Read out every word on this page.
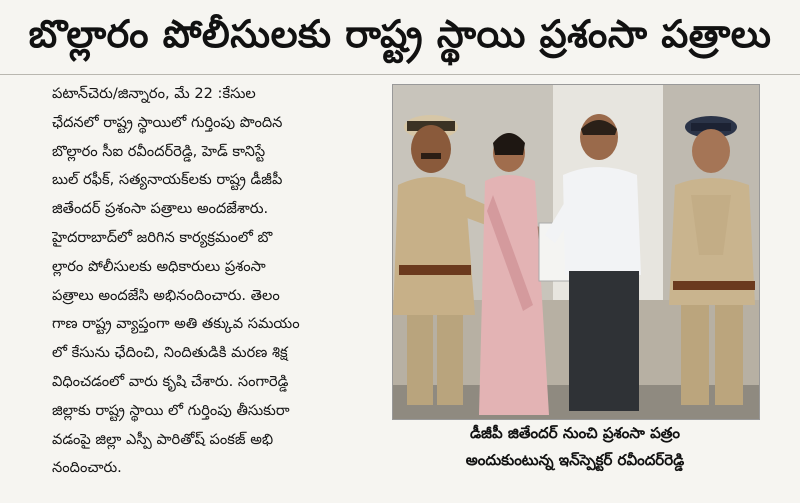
బొల్లారం పోలీసులకు రాష్ట్ర స్థాయి ప్రశంసా పత్రాలు
పటాన్‌చెరు/జిన్నారం, మే 22 :కేసుల
ఛేదనలో రాష్ట్ర స్థాయిలో గుర్తింపు పొందిన
బొల్లారం సీఐ రవీందర్‌రెడ్డి, హెడ్ కానిస్టే
బుల్ రఫీక్, సత్యనాయక్‌లకు రాష్ట్ర డీజీపీ
జితేందర్ ప్రశంసా పత్రాలు అందజేశారు.
హైదరాబాద్‌లో జరిగిన కార్యక్రమంలో బొ
ల్లారం పోలీసులకు అధికారులు ప్రశంసా
పత్రాలు అందజేసి అభినందించారు. తెలం
గాణ రాష్ట్ర వ్యాప్తంగా అతి తక్కువ సమయం
లో కేసును ఛేదించి, నిందితుడికి మరణ శిక్ష
విధించడంలో వారు కృషి చేశారు. సంగారెడ్డి
జిల్లాకు రాష్ట్ర స్థాయి లో గుర్తింపు తీసుకురా
వడంపై జిల్లా ఎస్పీ పారితోష్ పంకజ్ అభి
నందించారు.
డీజీపీ జితేందర్ నుంచి ప్రశంసా పత్రం
అందుకుంటున్న ఇన్‌స్పెక్టర్ రవీందర్‌రెడ్డి
